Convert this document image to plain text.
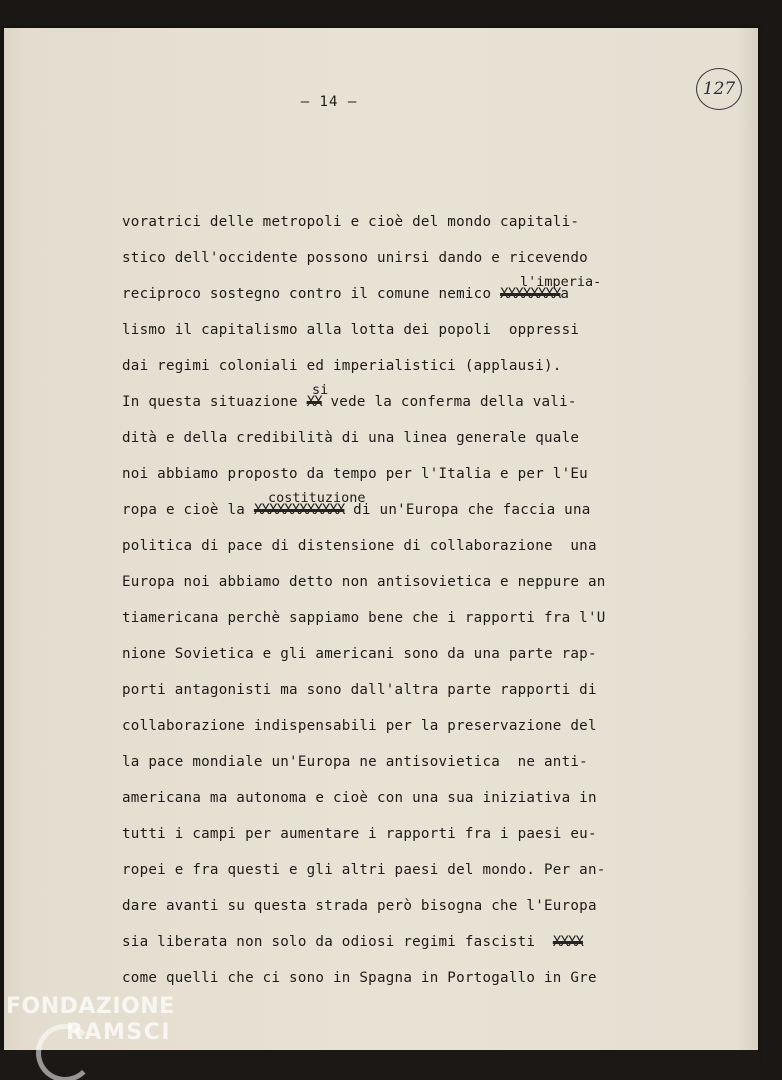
— 14 —
127
voratrici delle metropoli e cioè del mondo capitali-
stico dell'occidente possono unirsi dando e ricevendo
l'imperia-
reciproco sostegno contro il comune nemico XXXXXXXXa
lismo il capitalismo alla lotta dei popoli  oppressi
dai regimi coloniali ed imperialistici (applausi).
si
In questa situazione XX vede la conferma della vali-
dità e della credibilità di una linea generale quale
noi abbiamo proposto da tempo per l'Italia e per l'Eu
costituzione
ropa e cioè la XXXXXXXXXXXX di un'Europa che faccia una
politica di pace di distensione di collaborazione  una
Europa noi abbiamo detto non antisovietica e neppure an
tiamericana perchè sappiamo bene che i rapporti fra l'U
nione Sovietica e gli americani sono da una parte rap-
porti antagonisti ma sono dall'altra parte rapporti di
collaborazione indispensabili per la preservazione del
la pace mondiale un'Europa ne antisovietica  ne anti-
americana ma autonoma e cioè con una sua iniziativa in
tutti i campi per aumentare i rapporti fra i paesi eu-
ropei e fra questi e gli altri paesi del mondo. Per an-
dare avanti su questa strada però bisogna che l'Europa
sia liberata non solo da odiosi regimi fascisti  XXXX
come quelli che ci sono in Spagna in Portogallo in Gre
FONDAZIONE
RAMSCI
